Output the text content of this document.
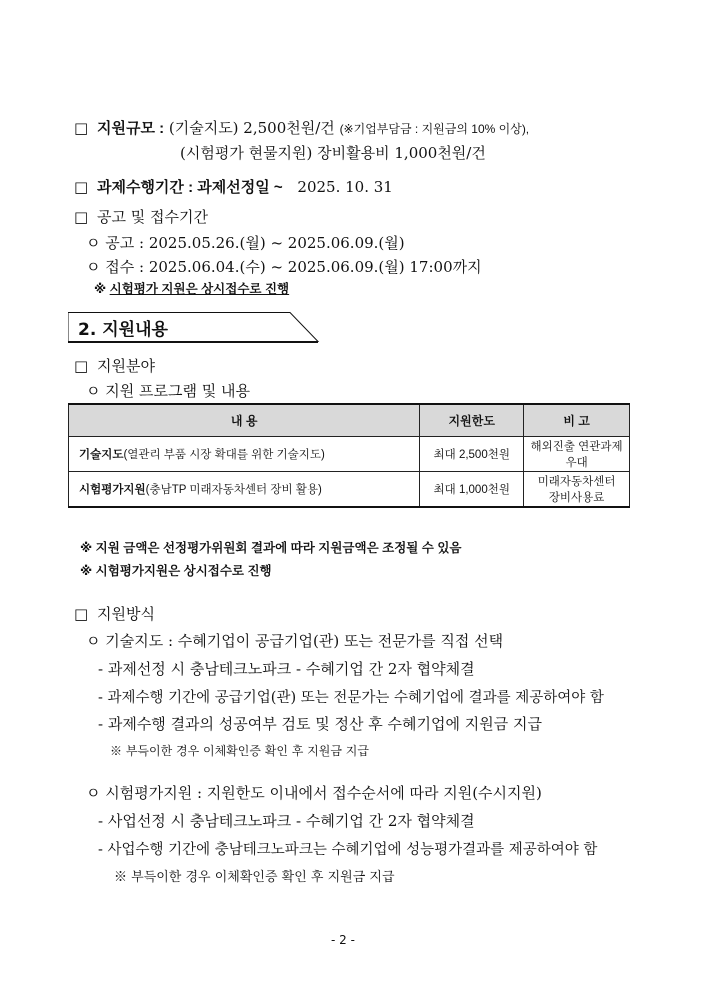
□ 지원규모 : (기술지도) 2,500천원/건 (※기업부담금 : 지원금의 10% 이상),
(시험평가 현물지원) 장비활용비 1,000천원/건
□ 과제수행기간 : 과제선정일 ~ 2025. 10. 31
□ 공고 및 접수기간
ㅇ 공고 : 2025.05.26.(월) ~ 2025.06.09.(월)
ㅇ 접수 : 2025.06.04.(수) ~ 2025.06.09.(월) 17:00까지
※ 시험평가 지원은 상시접수로 진행
2. 지원내용
□ 지원분야
ㅇ 지원 프로그램 및 내용
내 용	지원한도	비 고
기술지도(열관리 부품 시장 확대를 위한 기술지도)	최대 2,500천원	해외진출 연관과제
우대

시험평가지원(충남TP 미래자동차센터 장비 활용)	최대 1,000천원	미래자동차센터
장비사용료
※ 지원 금액은 선정평가위원회 결과에 따라 지원금액은 조정될 수 있음
※ 시험평가지원은 상시접수로 진행
□ 지원방식
ㅇ 기술지도 : 수혜기업이 공급기업(관) 또는 전문가를 직접 선택
- 과제선정 시 충남테크노파크 - 수혜기업 간 2자 협약체결
- 과제수행 기간에 공급기업(관) 또는 전문가는 수혜기업에 결과를 제공하여야 함
- 과제수행 결과의 성공여부 검토 및 정산 후 수혜기업에 지원금 지급
※ 부득이한 경우 이체확인증 확인 후 지원금 지급
ㅇ 시험평가지원 : 지원한도 이내에서 접수순서에 따라 지원(수시지원)
- 사업선정 시 충남테크노파크 - 수혜기업 간 2자 협약체결
- 사업수행 기간에 충남테크노파크는 수혜기업에 성능평가결과를 제공하여야 함
※ 부득이한 경우 이체확인증 확인 후 지원금 지급
- 2 -
